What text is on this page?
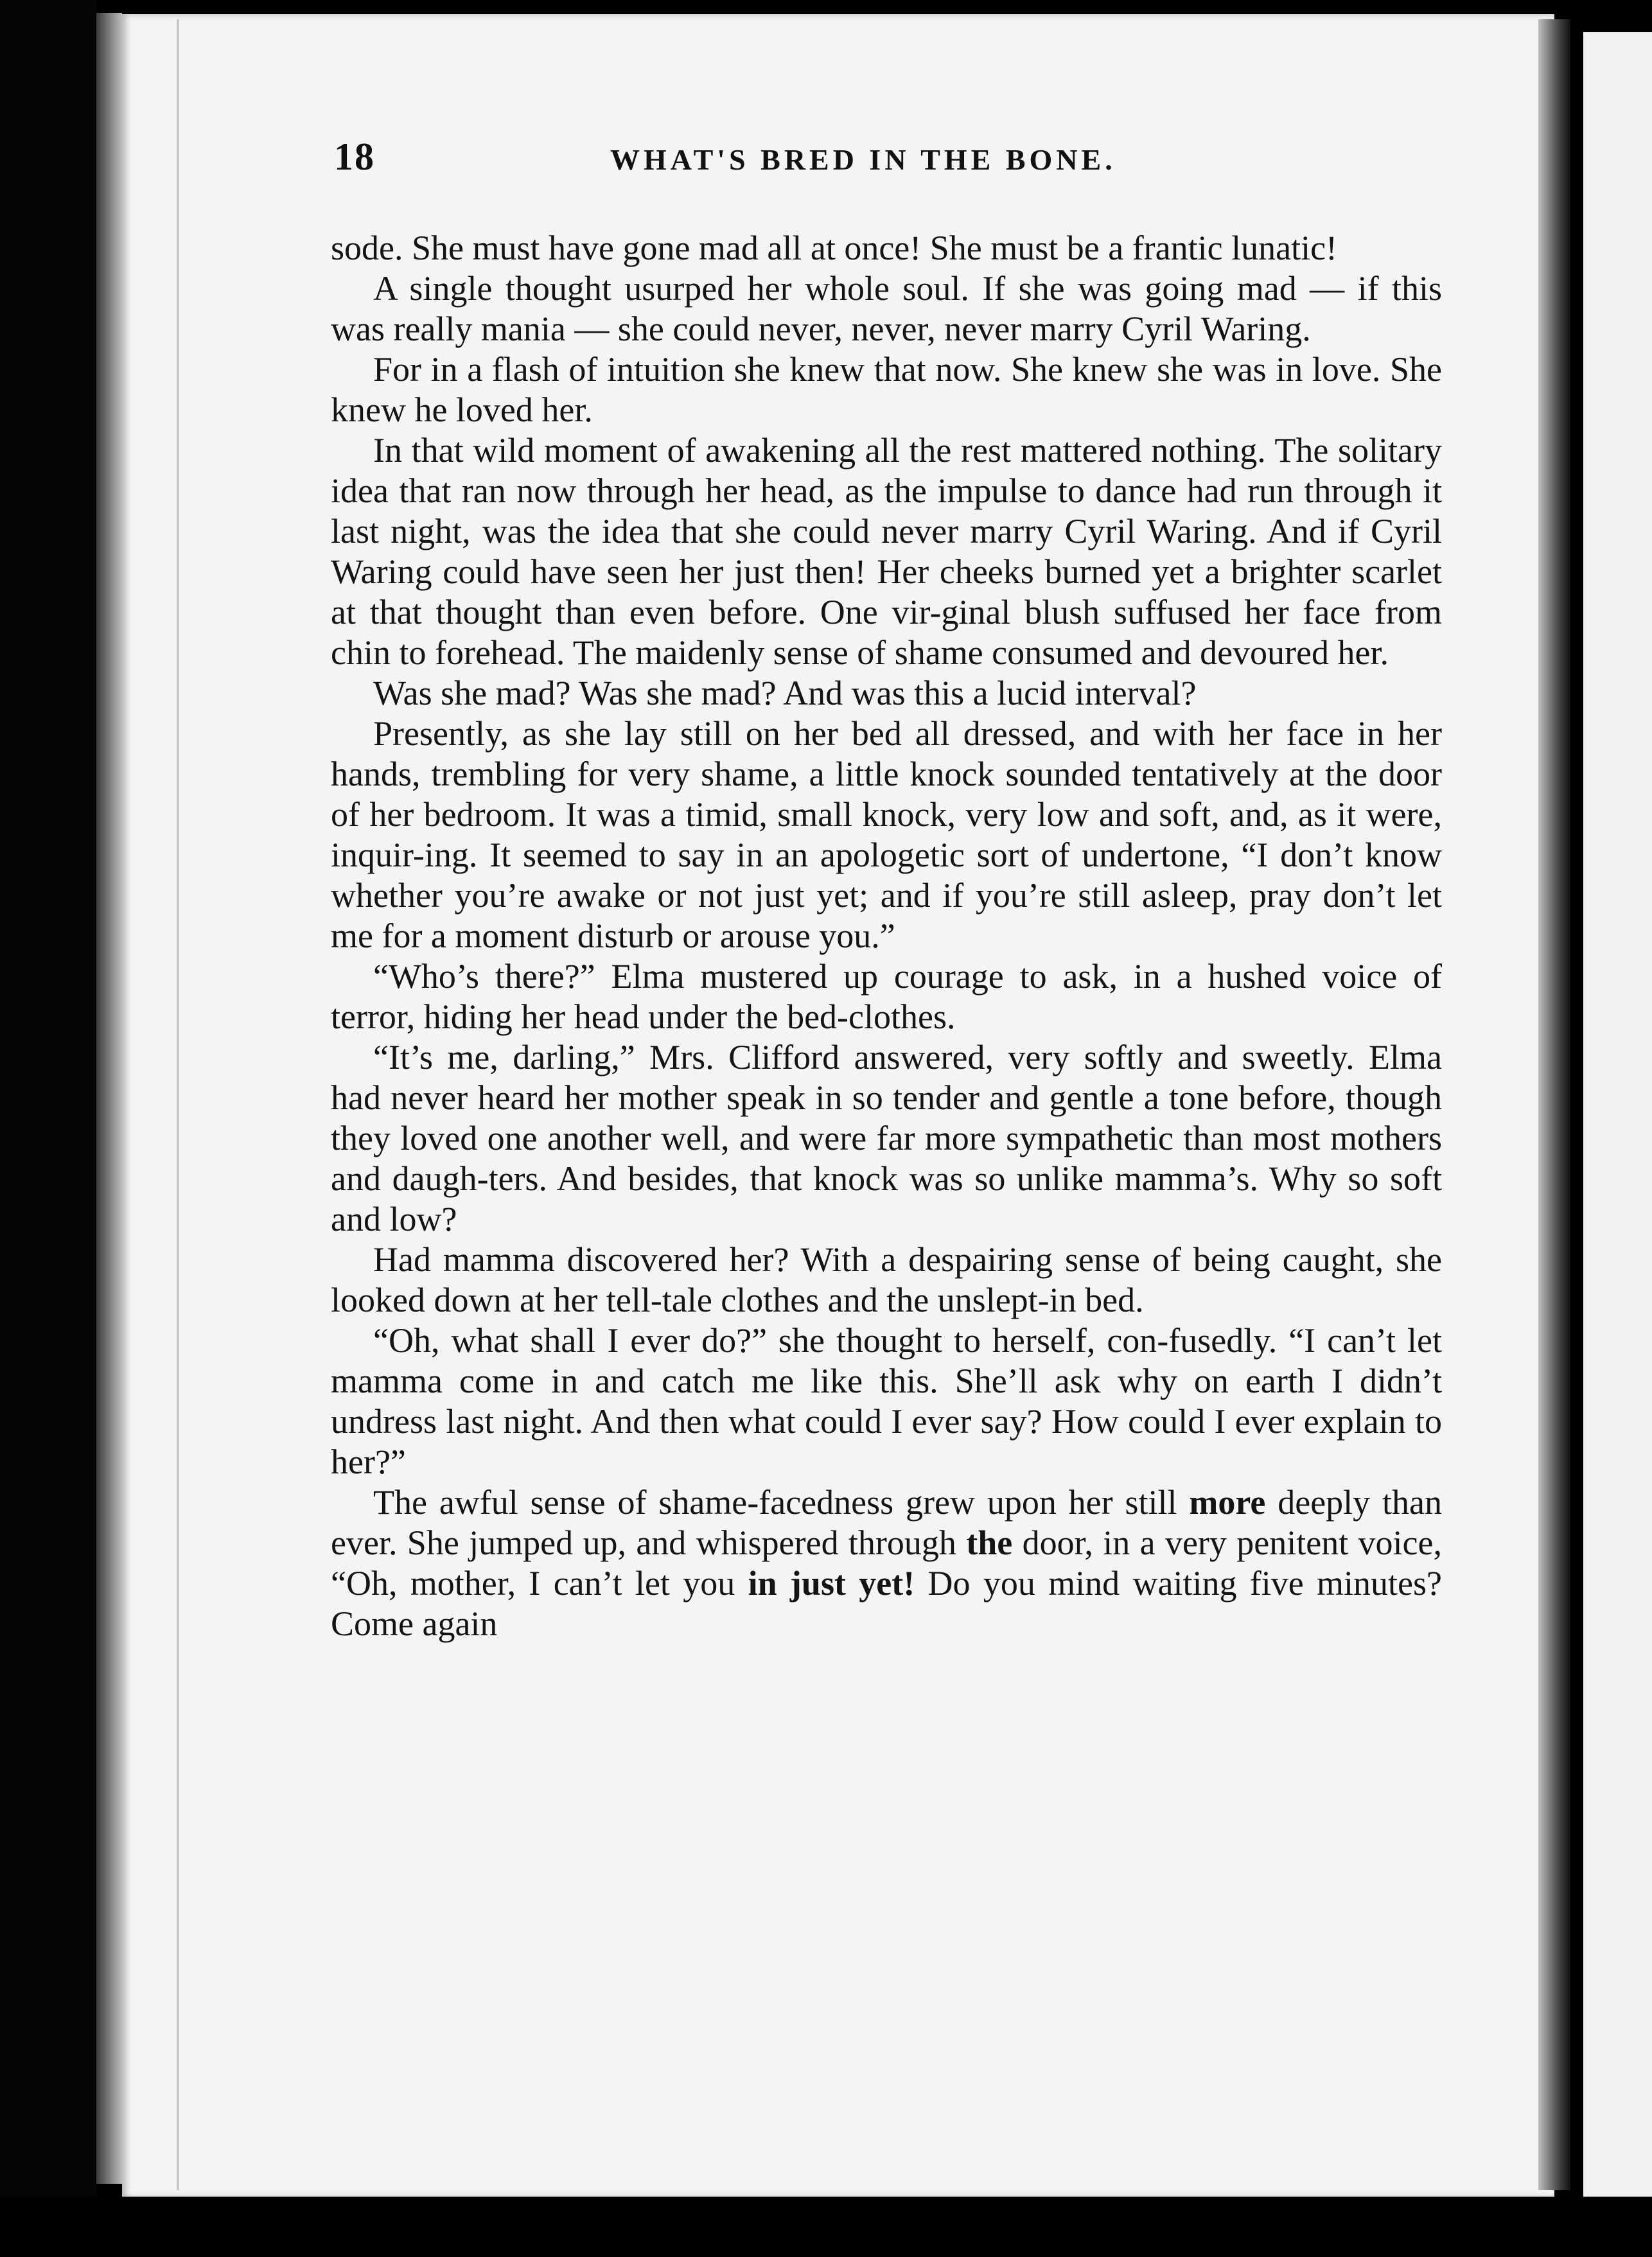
18	WHAT'S BRED IN THE BONE.

sode. She must have gone mad all at once! She must be a frantic lunatic!

A single thought usurped her whole soul. If she was going mad — if this was really mania — she could never, never, never marry Cyril Waring.

For in a flash of intuition she knew that now. She knew she was in love. She knew he loved her.

In that wild moment of awakening all the rest mattered nothing. The solitary idea that ran now through her head, as the impulse to dance had run through it last night, was the idea that she could never marry Cyril Waring. And if Cyril Waring could have seen her just then! Her cheeks burned yet a brighter scarlet at that thought than even before. One vir-ginal blush suffused her face from chin to forehead. The maidenly sense of shame consumed and devoured her.

Was she mad? Was she mad? And was this a lucid interval?

Presently, as she lay still on her bed all dressed, and with her face in her hands, trembling for very shame, a little knock sounded tentatively at the door of her bedroom. It was a timid, small knock, very low and soft, and, as it were, inquir-ing. It seemed to say in an apologetic sort of undertone, “I don’t know whether you’re awake or not just yet; and if you’re still asleep, pray don’t let me for a moment disturb or arouse you.”

“Who’s there?” Elma mustered up courage to ask, in a hushed voice of terror, hiding her head under the bed-clothes.

“It’s me, darling,” Mrs. Clifford answered, very softly and sweetly. Elma had never heard her mother speak in so tender and gentle a tone before, though they loved one another well, and were far more sympathetic than most mothers and daugh-ters. And besides, that knock was so unlike mamma’s. Why so soft and low?

Had mamma discovered her? With a despairing sense of being caught, she looked down at her tell-tale clothes and the unslept-in bed.

“Oh, what shall I ever do?” she thought to herself, con-fusedly. “I can’t let mamma come in and catch me like this. She’ll ask why on earth I didn’t undress last night. And then what could I ever say? How could I ever explain to her?”

The awful sense of shame-facedness grew upon her still more deeply than ever. She jumped up, and whispered through the door, in a very penitent voice, “Oh, mother, I can’t let you in just yet! Do you mind waiting five minutes? Come again
